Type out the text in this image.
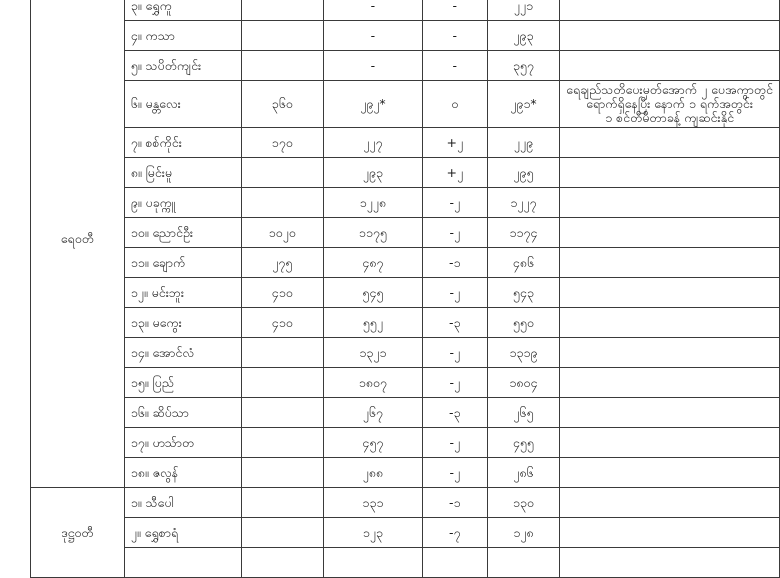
ရေဝတီ	၃။ ရွှေကူ		-	-	၂၂၁	
	၄။ ကသာ		-	-	၂၉၃	
	၅။ သပိတ်ကျင်း		-	-	၃၅၇	
	၆။ မန္တလေး	၃၆၀	၂၉၂*	၀	၂၉၁*	ရေချည်သတိပေးမှတ်အောက် ၂ ပေအကွာတွင်
ရောက်ရှိနေပြီး နောက် ၁ ရက်အတွင်း
၁ စင်တီမီတာခန့် ကျဆင်းနိုင်

	၇။ စစ်ကိုင်း	၁၇၀	၂၂၇	+၂	၂၂၉	
	၈။ မြင်းမူ		၂၉၃	+၂	၂၉၅	
	၉။ ပခုက္ကူ		၁၂၂၈	-၂	၁၂၂၇	
	၁၀။ ညောင်ဦး	၁၀၂၀	၁၁၇၅	-၂	၁၁၇၄	
	၁၁။ ချောက်	၂၇၅	၄၈၇	-၁	၄၈၆	
	၁၂။ မင်းဘူး	၄၁၀	၅၄၅	-၂	၅၄၃	
	၁၃။ မကွေး	၄၁၀	၅၅၂	-၃	၅၅၀	
	၁၄။ အောင်လံ		၁၃၂၁	-၂	၁၃၁၉	
	၁၅။ ပြည်		၁၈၀၇	-၂	၁၈၀၄	
	၁၆။ ဆိပ်သာ		၂၆၇	-၃	၂၆၅	
	၁၇။ ဟသ်ာတ		၄၅၇	-၂	၄၅၅	
	၁၈။ ဇလွန်		၂၈၈	-၂	၂၈၆	
ဒုဋ္ဌဝတီ	၁။ သီပေါ		၁၃၁	-၁	၁၃၀	
	၂။ ရွှေစာရံ		၁၂၃	-၇	၁၂၈	
